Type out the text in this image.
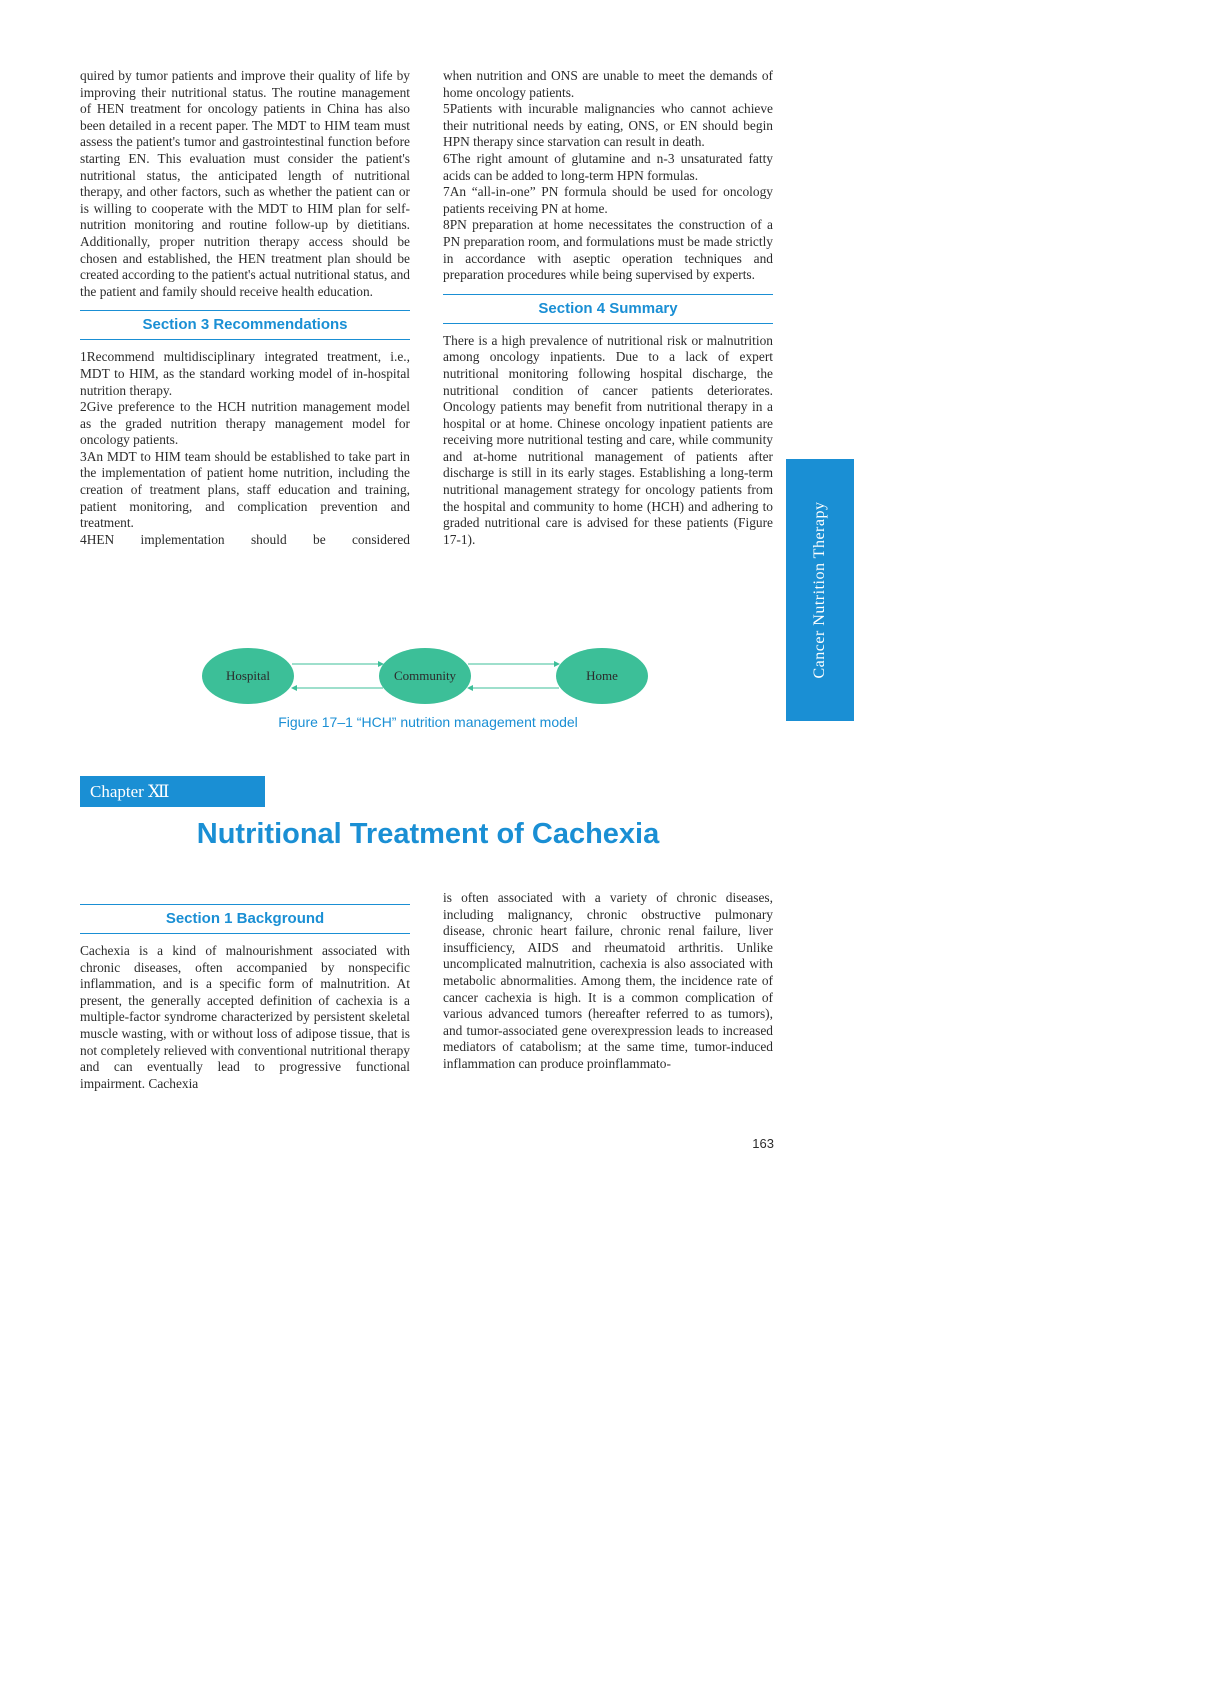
quired by tumor patients and improve their quality of life by improving their nutritional status. The routine management of HEN treatment for oncology patients in China has also been detailed in a recent paper. The MDT to HIM team must assess the patient's tumor and gastrointestinal function before starting EN. This evaluation must consider the patient's nutritional status, the anticipated length of nutritional therapy, and other factors, such as whether the patient can or is willing to cooperate with the MDT to HIM plan for self-nutrition monitoring and routine follow-up by dietitians. Additionally, proper nutrition therapy access should be chosen and established, the HEN treatment plan should be created according to the patient's actual nutritional status, and the patient and family should receive health education.

Section 3 Recommendations

1Recommend multidisciplinary integrated treatment, i.e., MDT to HIM, as the standard working model of in-hospital nutrition therapy.

2Give preference to the HCH nutrition management model as the graded nutrition therapy management model for oncology patients.

3An MDT to HIM team should be established to take part in the implementation of patient home nutrition, including the creation of treatment plans, staff education and training, patient monitoring, and complication prevention and treatment.

4HEN implementation should be considered

when nutrition and ONS are unable to meet the demands of home oncology patients.

5Patients with incurable malignancies who cannot achieve their nutritional needs by eating, ONS, or EN should begin HPN therapy since starvation can result in death.

6The right amount of glutamine and n-3 unsaturated fatty acids can be added to long-term HPN formulas.

7An “all-in-one” PN formula should be used for oncology patients receiving PN at home.

8PN preparation at home necessitates the construction of a PN preparation room, and formulations must be made strictly in accordance with aseptic operation techniques and preparation procedures while being supervised by experts.

Section 4 Summary

There is a high prevalence of nutritional risk or malnutrition among oncology inpatients. Due to a lack of expert nutritional monitoring following hospital discharge, the nutritional condition of cancer patients deteriorates. Oncology patients may benefit from nutritional therapy in a hospital or at home. Chinese oncology inpatient patients are receiving more nutritional testing and care, while community and at-home nutritional management of patients after discharge is still in its early stages. Establishing a long-term nutritional management strategy for oncology patients from the hospital and community to home (HCH) and adhering to graded nutritional care is advised for these patients (Figure 17-1).	Cancer Nutrition Therapy
Hospital	Community	Home
Figure 17–1 “HCH” nutrition management model
Chapter Ⅻ
Nutritional Treatment of Cachexia
Section 1 Background

Cachexia is a kind of malnourishment associated with chronic diseases, often accompanied by nonspecific inflammation, and is a specific form of malnutrition. At present, the generally accepted definition of cachexia is a multiple-factor syndrome characterized by persistent skeletal muscle wasting, with or without loss of adipose tissue, that is not completely relieved with conventional nutritional therapy and can eventually lead to progressive functional impairment. Cachexia

is often associated with a variety of chronic diseases, including malignancy, chronic obstructive pulmonary disease, chronic heart failure, chronic renal failure, liver insufficiency, AIDS and rheumatoid arthritis. Unlike uncomplicated malnutrition, cachexia is also associated with metabolic abnormalities. Among them, the incidence rate of cancer cachexia is high. It is a common complication of various advanced tumors (hereafter referred to as tumors), and tumor-associated gene overexpression leads to increased mediators of catabolism; at the same time, tumor-induced inflammation can produce proinflammato-

163
